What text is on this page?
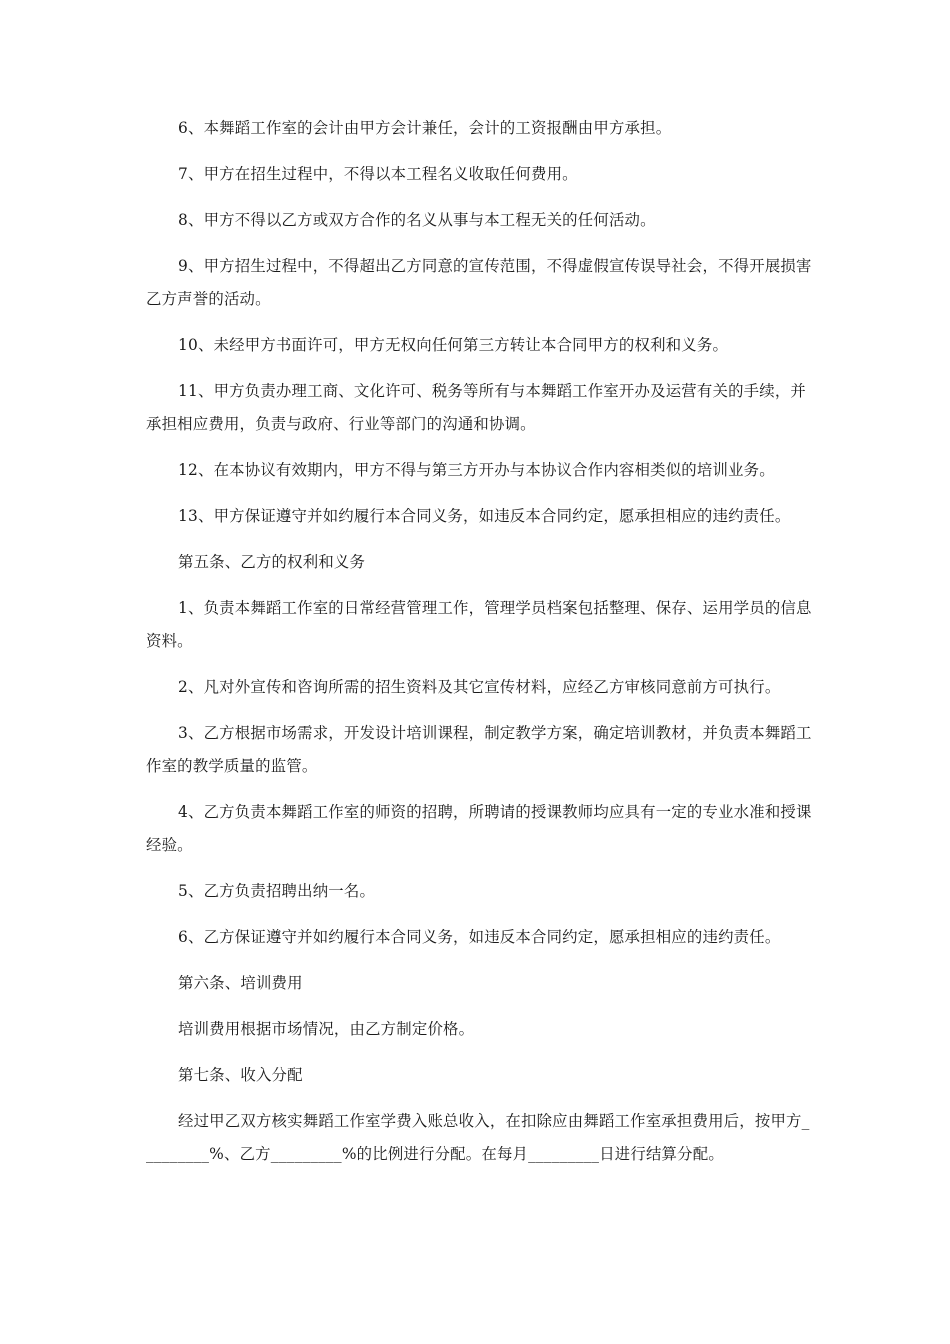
6、本舞蹈工作室的会计由甲方会计兼任，会计的工资报酬由甲方承担。

7、甲方在招生过程中，不得以本工程名义收取任何费用。

8、甲方不得以乙方或双方合作的名义从事与本工程无关的任何活动。

9、甲方招生过程中，不得超出乙方同意的宣传范围，不得虚假宣传误导社会，不得开展损害乙方声誉的活动。

10、未经甲方书面许可，甲方无权向任何第三方转让本合同甲方的权利和义务。

11、甲方负责办理工商、文化许可、税务等所有与本舞蹈工作室开办及运营有关的手续，并承担相应费用，负责与政府、行业等部门的沟通和协调。

12、在本协议有效期内，甲方不得与第三方开办与本协议合作内容相类似的培训业务。

13、甲方保证遵守并如约履行本合同义务，如违反本合同约定，愿承担相应的违约责任。

第五条、乙方的权利和义务

1、负责本舞蹈工作室的日常经营管理工作，管理学员档案包括整理、保存、运用学员的信息资料。

2、凡对外宣传和咨询所需的招生资料及其它宣传材料，应经乙方审核同意前方可执行。

3、乙方根据市场需求，开发设计培训课程，制定教学方案，确定培训教材，并负责本舞蹈工作室的教学质量的监管。

4、乙方负责本舞蹈工作室的师资的招聘，所聘请的授课教师均应具有一定的专业水准和授课经验。

5、乙方负责招聘出纳一名。

6、乙方保证遵守并如约履行本合同义务，如违反本合同约定，愿承担相应的违约责任。

第六条、培训费用

培训费用根据市场情况，由乙方制定价格。

第七条、收入分配

经过甲乙双方核实舞蹈工作室学费入账总收入，在扣除应由舞蹈工作室承担费用后，按甲方_________%、乙方_________%的比例进行分配。在每月_________日进行结算分配。
